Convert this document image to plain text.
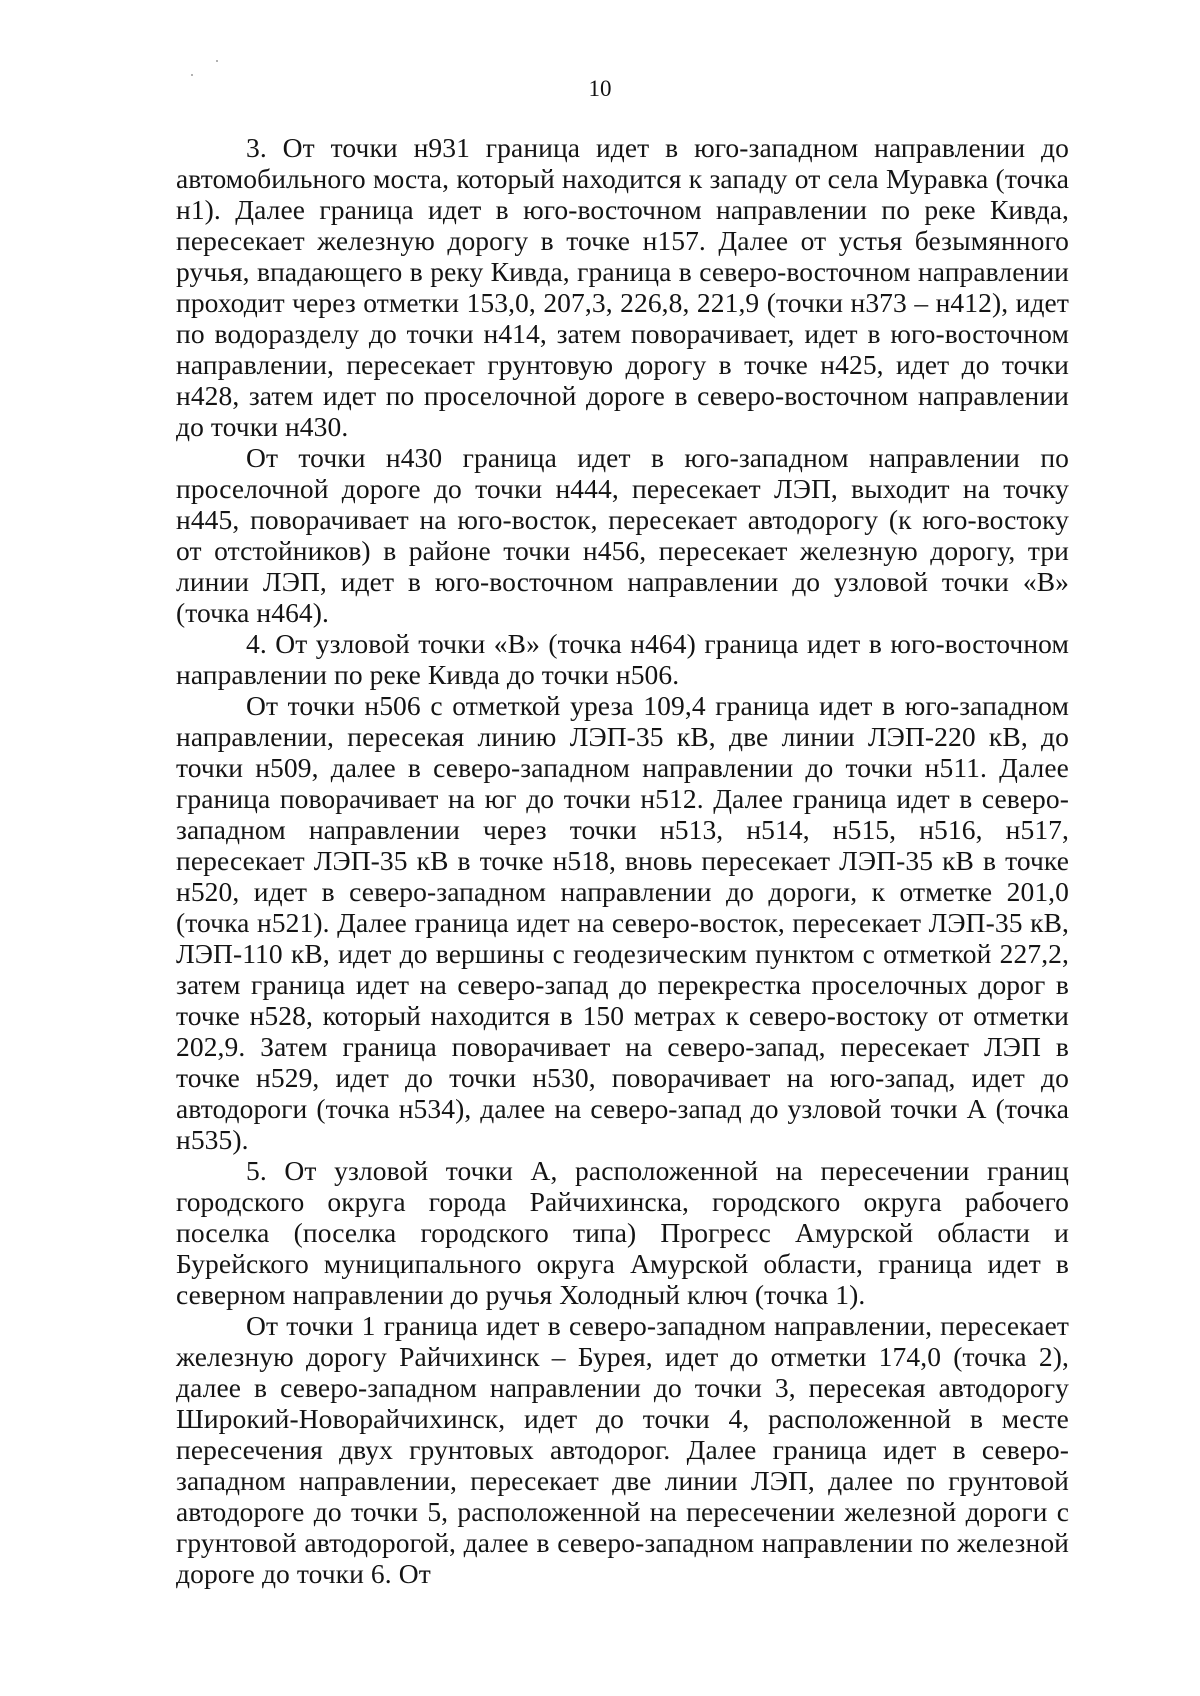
10

3. От точки н931 граница идет в юго-западном направлении до автомобильного моста, который находится к западу от села Муравка (точка н1). Далее граница идет в юго-восточном направлении по реке Кивда, пересекает железную дорогу в точке н157. Далее от устья безымянного ручья, впадающего в реку Кивда, граница в северо-восточном направлении проходит через отметки 153,0, 207,3, 226,8, 221,9 (точки н373 – н412), идет по водоразделу до точки н414, затем поворачивает, идет в юго-восточном направлении, пересекает грунтовую дорогу в точке н425, идет до точки н428, затем идет по проселочной дороге в северо-восточном направлении до точки н430.

От точки н430 граница идет в юго-западном направлении по проселочной дороге до точки н444, пересекает ЛЭП, выходит на точку н445, поворачивает на юго-восток, пересекает автодорогу (к юго-востоку от отстойников) в районе точки н456, пересекает железную дорогу, три линии ЛЭП, идет в юго-восточном направлении до узловой точки «В» (точка н464).

4. От узловой точки «В» (точка н464) граница идет в юго-восточном направлении по реке Кивда до точки н506.

От точки н506 с отметкой уреза 109,4 граница идет в юго-западном направлении, пересекая линию ЛЭП-35 кВ, две линии ЛЭП-220 кВ, до точки н509, далее в северо-западном направлении до точки н511. Далее граница поворачивает на юг до точки н512. Далее граница идет в северо-западном направлении через точки н513, н514, н515, н516, н517, пересекает ЛЭП-35 кВ в точке н518, вновь пересекает ЛЭП-35 кВ в точке н520, идет в северо-западном направлении до дороги, к отметке 201,0 (точка н521). Далее граница идет на северо-восток, пересекает ЛЭП-35 кВ, ЛЭП-110 кВ, идет до вершины с геодезическим пунктом с отметкой 227,2, затем граница идет на северо-запад до перекрестка проселочных дорог в точке н528, который находится в 150 метрах к северо-востоку от отметки 202,9. Затем граница поворачивает на северо-запад, пересекает ЛЭП в точке н529, идет до точки н530, поворачивает на юго-запад, идет до автодороги (точка н534), далее на северо-запад до узловой точки А (точка н535).

5. От узловой точки А, расположенной на пересечении границ городского округа города Райчихинска, городского округа рабочего поселка (поселка городского типа) Прогресс Амурской области и Бурейского муниципального округа Амурской области, граница идет в северном направлении до ручья Холодный ключ (точка 1).

От точки 1 граница идет в северо-западном направлении, пересекает железную дорогу Райчихинск – Бурея, идет до отметки 174,0 (точка 2), далее в северо-западном направлении до точки 3, пересекая автодорогу Широкий-Новорайчихинск, идет до точки 4, расположенной в месте пересечения двух грунтовых автодорог. Далее граница идет в северо-западном направлении, пересекает две линии ЛЭП, далее по грунтовой автодороге до точки 5, расположенной на пересечении железной дороги с грунтовой автодорогой, далее в северо-западном направлении по железной дороге до точки 6. От
